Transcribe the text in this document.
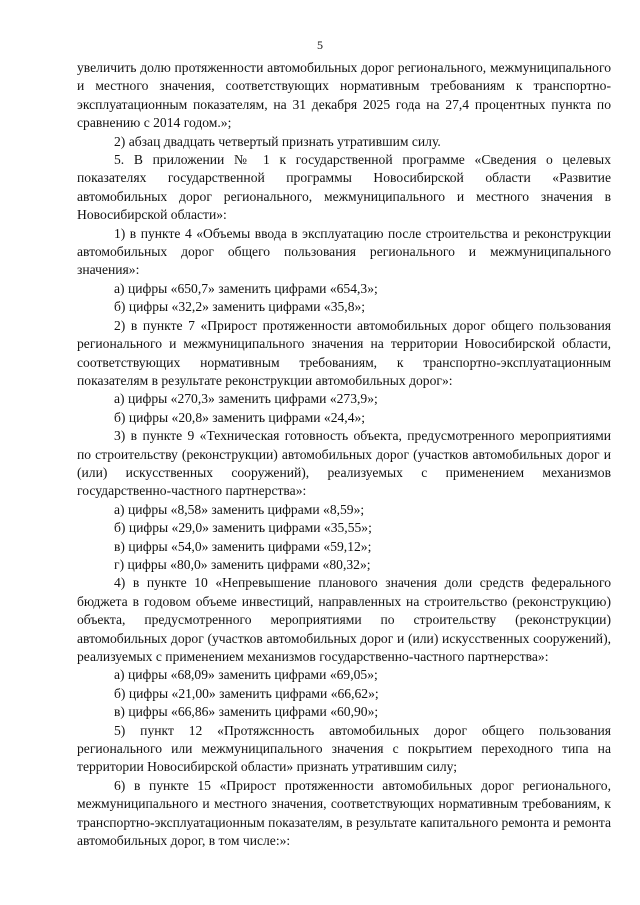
5

увеличить долю протяженности автомобильных дорог регионального, межмуниципального и местного значения, соответствующих нормативным требованиям к транспортно-эксплуатационным показателям, на 31 декабря 2025 года на 27,4 процентных пункта по сравнению с 2014 годом.»;

2) абзац двадцать четвертый признать утратившим силу.

5. В приложении № 1 к государственной программе «Сведения о целевых показателях государственной программы Новосибирской области «Развитие автомобильных дорог регионального, межмуниципального и местного значения в Новосибирской области»:

1) в пункте 4 «Объемы ввода в эксплуатацию после строительства и реконструкции автомобильных дорог общего пользования регионального и межмуниципального значения»:

а) цифры «650,7» заменить цифрами «654,3»;

б) цифры «32,2» заменить цифрами «35,8»;

2) в пункте 7 «Прирост протяженности автомобильных дорог общего пользования регионального и межмуниципального значения на территории Новосибирской области, соответствующих нормативным требованиям, к транспортно-эксплуатационным показателям в результате реконструкции автомобильных дорог»:

а) цифры «270,3» заменить цифрами «273,9»;

б) цифры «20,8» заменить цифрами «24,4»;

3) в пункте 9 «Техническая готовность объекта, предусмотренного мероприятиями по строительству (реконструкции) автомобильных дорог (участков автомобильных дорог и (или) искусственных сооружений), реализуемых с применением механизмов государственно-частного партнерства»:

а) цифры «8,58» заменить цифрами «8,59»;

б) цифры «29,0» заменить цифрами «35,55»;

в) цифры «54,0» заменить цифрами «59,12»;

г) цифры «80,0» заменить цифрами «80,32»;

4) в пункте 10 «Непревышение планового значения доли средств федерального бюджета в годовом объеме инвестиций, направленных на строительство (реконструкцию) объекта, предусмотренного мероприятиями по строительству (реконструкции) автомобильных дорог (участков автомобильных дорог и (или) искусственных сооружений), реализуемых с применением механизмов государственно-частного партнерства»:

а) цифры «68,09» заменить цифрами «69,05»;

б) цифры «21,00» заменить цифрами «66,62»;

в) цифры «66,86» заменить цифрами «60,90»;

5) пункт 12 «Протяжснность автомобильных дорог общего пользования регионального или межмуниципального значения с покрытием переходного типа на территории Новосибирской области» признать утратившим силу;

6) в пункте 15 «Прирост протяженности автомобильных дорог регионального, межмуниципального и местного значения, соответствующих нормативным требованиям, к транспортно-эксплуатационным показателям, в результате капитального ремонта и ремонта автомобильных дорог, в том числе:»:
